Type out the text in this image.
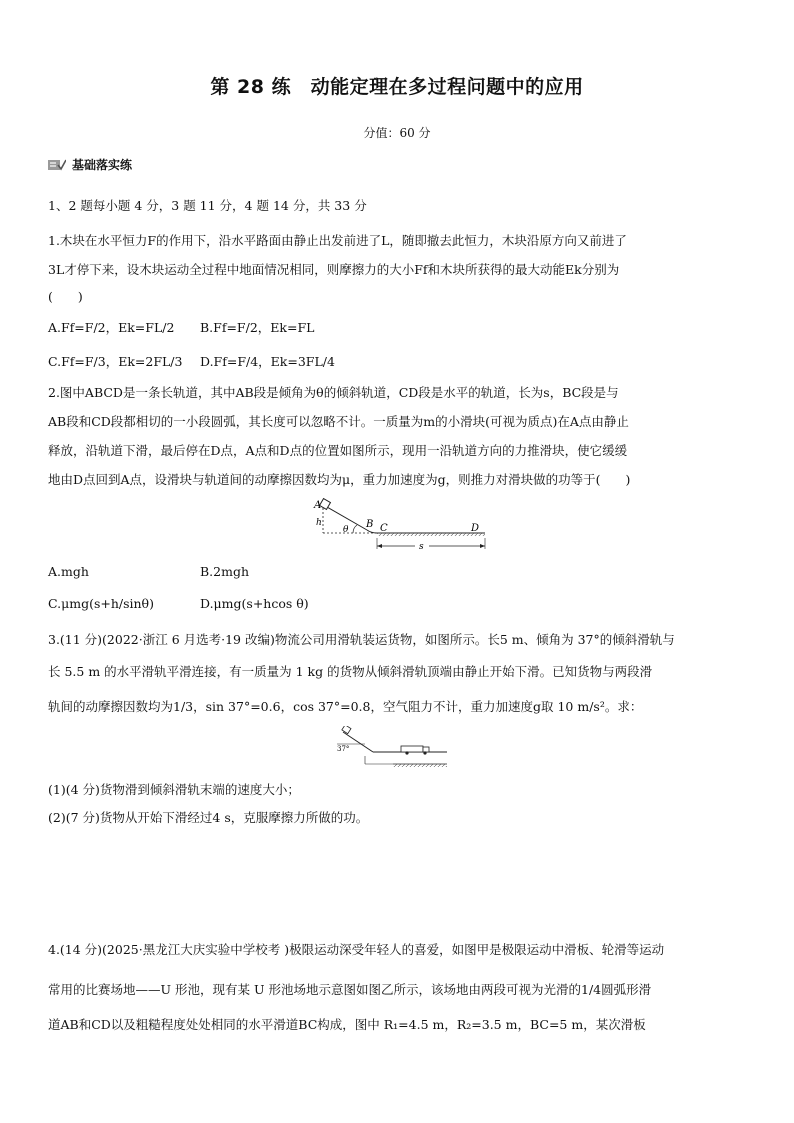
第 28 练　动能定理在多过程问题中的应用
分值：60 分
基础落实练
1、2 题每小题 4 分，3 题 11 分，4 题 14 分，共 33 分
1.木块在水平恒力F的作用下，沿水平路面由静止出发前进了L，随即撤去此恒力，木块沿原方向又前进了
3L才停下来，设木块运动全过程中地面情况相同，则摩擦力的大小Ff和木块所获得的最大动能Ek分别为
(　　)
A.Ff=F/2，Ek=FL/2 B.Ff=F/2，Ek=FL
C.Ff=F/3，Ek=2FL/3 D.Ff=F/4，Ek=3FL/4
2.图中ABCD是一条长轨道，其中AB段是倾角为θ的倾斜轨道，CD段是水平的轨道，长为s，BC段是与
AB段和CD段都相切的一小段圆弧，其长度可以忽略不计。一质量为m的小滑块(可视为质点)在A点由静止
释放，沿轨道下滑，最后停在D点，A点和D点的位置如图所示，现用一沿轨道方向的力推滑块，使它缓缓
地由D点回到A点，设滑块与轨道间的动摩擦因数均为μ，重力加速度为g，则推力对滑块做的功等于(　　)
A
h	B C	D
θ
s
A.mgh	B.2mgh
C.μmg(s+h/sinθ)	D.μmg(s+hcos θ)
3.(11 分)(2022·浙江 6 月选考·19 改编)物流公司用滑轨装运货物，如图所示。长5 m、倾角为 37°的倾斜滑轨与
长 5.5 m 的水平滑轨平滑连接，有一质量为 1 kg 的货物从倾斜滑轨顶端由静止开始下滑。已知货物与两段滑
轨间的动摩擦因数均为1/3，sin 37°=0.6，cos 37°=0.8，空气阻力不计，重力加速度g取 10 m/s²。求：
37°
(1)(4 分)货物滑到倾斜滑轨末端的速度大小；
(2)(7 分)货物从开始下滑经过4 s，克服摩擦力所做的功。
4.(14 分)(2025·黑龙江大庆实验中学校考 )极限运动深受年轻人的喜爱，如图甲是极限运动中滑板、轮滑等运动
常用的比赛场地——U 形池，现有某 U 形池场地示意图如图乙所示，该场地由两段可视为光滑的1/4圆弧形滑
道AB和CD以及粗糙程度处处相同的水平滑道BC构成，图中 R₁=4.5 m，R₂=3.5 m，BC=5 m，某次滑板
